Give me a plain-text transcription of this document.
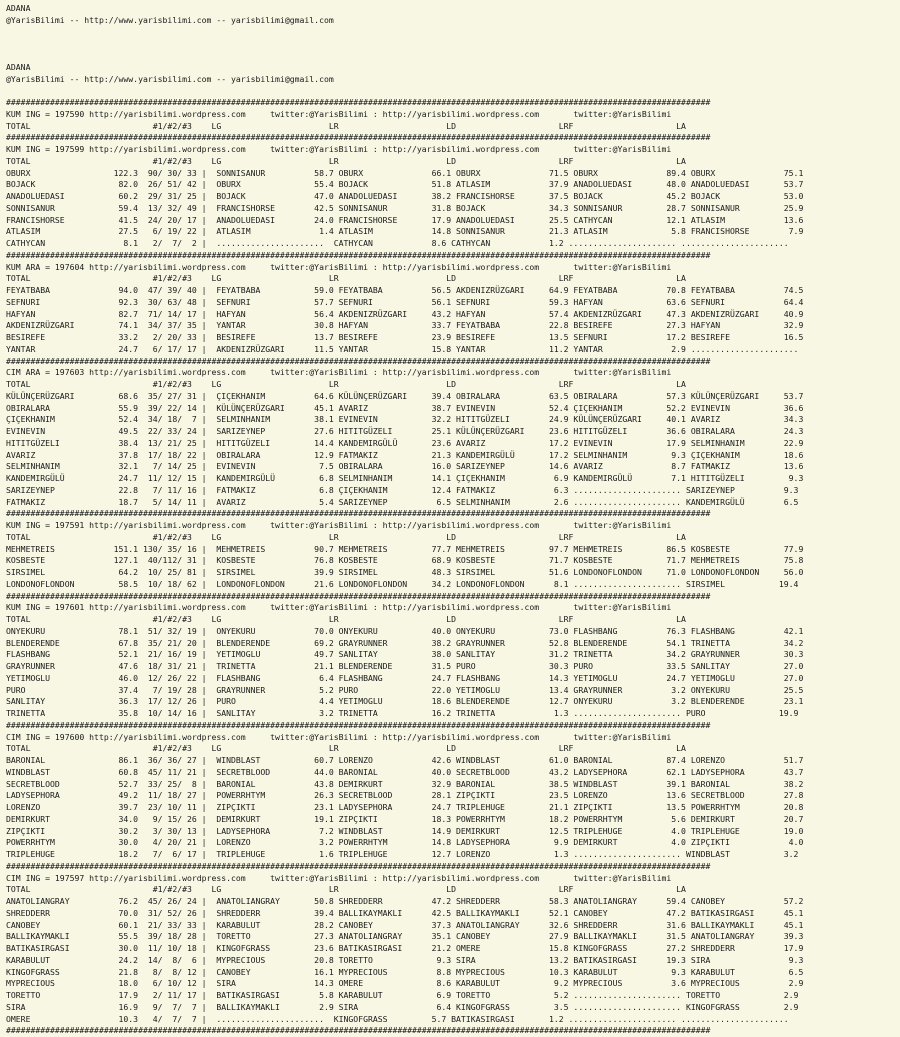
ADANA
@YarisBilimi -- http://www.yarisbilimi.com -- yarisbilimi@gmail.com
ADANA
@YarisBilimi -- http://www.yarisbilimi.com -- yarisbilimi@gmail.com
################################################################################################################################################
KUM ING = 197590 http://yarisbilimi.wordpress.com     twitter:@YarisBilimi : http://yarisbilimi.wordpress.com       twitter:@YarisBilimi
TOTAL                         #1/#2/#3    LG                      LR                      LD                     LRF                     LA
################################################################################################################################################
KUM ING = 197599 http://yarisbilimi.wordpress.com     twitter:@YarisBilimi : http://yarisbilimi.wordpress.com       twitter:@YarisBilimi
TOTAL                         #1/#2/#3    LG                      LR                      LD                     LRF                     LA
OBURX                 122.3  90/ 30/ 33 |  SONNISANUR          58.7 OBURX              66.1 OBURX              71.5 OBURX              89.4 OBURX              75.1
BOJACK                 82.0  26/ 51/ 42 |  OBURX               55.4 BOJACK             51.8 ATLASIM            37.9 ANADOLUEDASI       48.0 ANADOLUEDASI       53.7
ANADOLUEDASI           60.2  29/ 31/ 25 |  BOJACK              47.0 ANADOLUEDASI       38.2 FRANCISHORSE       37.5 BOJACK             45.2 BOJACK             53.0
SONNISANUR             59.4  13/ 32/ 49 |  FRANCISHORSE        42.5 SONNISANUR         31.8 BOJACK             34.3 SONNISANUR         28.7 SONNISANUR         25.9
FRANCISHORSE           41.5  24/ 20/ 17 |  ANADOLUEDASI        24.0 FRANCISHORSE       17.9 ANADOLUEDASI       25.5 CATHYCAN           12.1 ATLASIM            13.6
ATLASIM                27.5   6/ 19/ 22 |  ATLASIM              1.4 ATLASIM            14.8 SONNISANUR         21.3 ATLASIM             5.8 FRANCISHORSE        7.9
CATHYCAN                8.1   2/  7/  2 |  ......................  CATHYCAN            8.6 CATHYCAN            1.2 ...................... ......................
################################################################################################################################################
KUM ARA = 197604 http://yarisbilimi.wordpress.com     twitter:@YarisBilimi : http://yarisbilimi.wordpress.com       twitter:@YarisBilimi
TOTAL                         #1/#2/#3    LG                      LR                      LD                     LRF                     LA
FEYATBABA              94.0  47/ 39/ 40 |  FEYATBABA           59.0 FEYATBABA          56.5 AKDENIZRÜZGARI     64.9 FEYATBABA          70.8 FEYATBABA          74.5
SEFNURI                92.3  30/ 63/ 48 |  SEFNURI             57.7 SEFNURI            56.1 SEFNURI            59.3 HAFYAN             63.6 SEFNURI            64.4
HAFYAN                 82.7  71/ 14/ 17 |  HAFYAN              56.4 AKDENIZRÜZGARI     43.2 HAFYAN             57.4 AKDENIZRÜZGARI     47.3 AKDENIZRÜZGARI     40.9
AKDENIZRÜZGARI         74.1  34/ 37/ 35 |  YANTAR              30.8 HAFYAN             33.7 FEYATBABA          22.8 BESIREFE           27.3 HAFYAN             32.9
BESIREFE               33.2   2/ 20/ 33 |  BESIREFE            13.7 BESIREFE           23.9 BESIREFE           13.5 SEFNURI            17.2 BESIREFE           16.5
YANTAR                 24.7   6/ 17/ 17 |  AKDENIZRÜZGARI      11.5 YANTAR             15.8 YANTAR             11.2 YANTAR              2.9 ......................
################################################################################################################################################
CIM ARA = 197603 http://yarisbilimi.wordpress.com     twitter:@YarisBilimi : http://yarisbilimi.wordpress.com       twitter:@YarisBilimi
TOTAL                         #1/#2/#3    LG                      LR                      LD                     LRF                     LA
KÜLÜNÇERÜZGARI         68.6  35/ 27/ 31 |  ÇIÇEKHANIM          64.6 KÜLÜNÇERÜZGARI     39.4 OBIRALARA          63.5 OBIRALARA          57.3 KÜLÜNÇERÜZGARI     53.7
OBIRALARA              55.9  39/ 22/ 14 |  KÜLÜNÇERÜZGARI      45.1 AVARIZ             38.7 EVINEVIN           52.4 ÇIÇEKHANIM         52.2 EVINEVIN           36.6
ÇIÇEKHANIM             52.4  34/ 18/  7 |  SELMINHANIM         38.1 EVINEVIN           32.2 HITITGÜZELI        24.9 KÜLÜNÇERÜZGARI     40.1 AVARIZ             34.3
EVINEVIN               49.5  22/ 33/ 24 |  SARIZEYNEP          27.6 HITITGÜZELI        25.1 KÜLÜNÇERÜZGARI     23.6 HITITGÜZELI        36.6 OBIRALARA          24.3
HITITGÜZELI            38.4  13/ 21/ 25 |  HITITGÜZELI         14.4 KANDEMIRGÜLÜ       23.6 AVARIZ             17.2 EVINEVIN           17.9 SELMINHANIM        22.9
AVARIZ                 37.8  17/ 18/ 22 |  OBIRALARA           12.9 FATMAKIZ           21.3 KANDEMIRGÜLÜ       17.2 SELMINHANIM         9.3 ÇIÇEKHANIM         18.6
SELMINHANIM            32.1   7/ 14/ 25 |  EVINEVIN             7.5 OBIRALARA          16.0 SARIZEYNEP         14.6 AVARIZ              8.7 FATMAKIZ           13.6
KANDEMIRGÜLÜ           24.7  11/ 12/ 15 |  KANDEMIRGÜLÜ         6.8 SELMINHANIM        14.1 ÇIÇEKHANIM          6.9 KANDEMIRGÜLÜ        7.1 HITITGÜZELI         9.3
SARIZEYNEP             22.8   7/ 11/ 16 |  FATMAKIZ             6.8 ÇIÇEKHANIM         12.4 FATMAKIZ            6.3 ...................... SARIZEYNEP          9.3
FATMAKIZ               18.7   5/ 14/ 11 |  AVARIZ               5.4 SARIZEYNEP          6.5 SELMINHANIM         2.6 ...................... KANDEMIRGÜLÜ        6.5
################################################################################################################################################
KUM ING = 197591 http://yarisbilimi.wordpress.com     twitter:@YarisBilimi : http://yarisbilimi.wordpress.com       twitter:@YarisBilimi
TOTAL                         #1/#2/#3    LG                      LR                      LD                     LRF                     LA
MEHMETREIS            151.1 130/ 35/ 16 |  MEHMETREIS          90.7 MEHMETREIS         77.7 MEHMETREIS         97.7 MEHMETREIS         86.5 KOSBESTE           77.9
KOSBESTE              127.1  40/112/ 31 |  KOSBESTE            76.8 KOSBESTE           68.9 KOSBESTE           71.7 KOSBESTE           71.7 MEHMETREIS         75.8
SIRSIMEL               64.2  10/ 25/ 81 |  SIRSIMEL            39.9 SIRSIMEL           48.3 SIRSIMEL           51.6 LONDONOFLONDON     71.0 LONDONOFLONDON     56.0
LONDONOFLONDON         58.5  10/ 18/ 62 |  LONDONOFLONDON      21.6 LONDONOFLONDON     34.2 LONDONOFLONDON      8.1 ...................... SIRSIMEL           19.4
################################################################################################################################################
KUM ING = 197601 http://yarisbilimi.wordpress.com     twitter:@YarisBilimi : http://yarisbilimi.wordpress.com       twitter:@YarisBilimi
TOTAL                         #1/#2/#3    LG                      LR                      LD                     LRF                     LA
ONYEKURU               78.1  51/ 32/ 19 |  ONYEKURU            70.0 ONYEKURU           40.0 ONYEKURU           73.0 FLASHBANG          76.3 FLASHBANG          42.1
BLENDERENDE            67.8  35/ 21/ 20 |  BLENDERENDE         69.2 GRAYRUNNER         38.2 GRAYRUNNER         52.8 BLENDERENDE        54.1 TRINETTA           34.2
FLASHBANG              52.1  21/ 16/ 19 |  YETIMOGLU           49.7 SANLITAY           38.0 SANLITAY           31.2 TRINETTA           34.2 GRAYRUNNER         30.3
GRAYRUNNER             47.6  18/ 31/ 21 |  TRINETTA            21.1 BLENDERENDE        31.5 PURO               30.3 PURO               33.5 SANLITAY           27.0
YETIMOGLU              46.0  12/ 26/ 22 |  FLASHBANG            6.4 FLASHBANG          24.7 FLASHBANG          14.3 YETIMOGLU          24.7 YETIMOGLU          27.0
PURO                   37.4   7/ 19/ 28 |  GRAYRUNNER           5.2 PURO               22.0 YETIMOGLU          13.4 GRAYRUNNER          3.2 ONYEKURU           25.5
SANLITAY               36.3  17/ 12/ 26 |  PURO                 4.4 YETIMOGLU          18.6 BLENDERENDE        12.7 ONYEKURU            3.2 BLENDERENDE        23.1
TRINETTA               35.8  10/ 14/ 16 |  SANLITAY             3.2 TRINETTA           16.2 TRINETTA            1.3 ...................... PURO               19.9
################################################################################################################################################
CIM ING = 197600 http://yarisbilimi.wordpress.com     twitter:@YarisBilimi : http://yarisbilimi.wordpress.com       twitter:@YarisBilimi
TOTAL                         #1/#2/#3    LG                      LR                      LD                     LRF                     LA
BARONIAL               86.1  36/ 36/ 27 |  WINDBLAST           60.7 LORENZO            42.6 WINDBLAST          61.0 BARONIAL           87.4 LORENZO            51.7
WINDBLAST              60.8  45/ 11/ 21 |  SECRETBLOOD         44.0 BARONIAL           40.0 SECRETBLOOD        43.2 LADYSEPHORA        62.1 LADYSEPHORA        43.7
SECRETBLOOD            52.7  33/ 25/  8 |  BARONIAL            43.8 DEMIRKURT          32.9 BARONIAL           38.5 WINDBLAST          39.1 BARONIAL           38.2
LADYSEPHORA            49.2  11/ 18/ 27 |  POWERRHTYM          26.3 SECRETBLOOD        28.1 ZIPÇIKTI           23.5 LORENZO            13.6 SECRETBLOOD        27.8
LORENZO                39.7  23/ 10/ 11 |  ZIPÇIKTI            23.1 LADYSEPHORA        24.7 TRIPLEHUGE         21.1 ZIPÇIKTI           13.5 POWERRHTYM         20.8
DEMIRKURT              34.0   9/ 15/ 26 |  DEMIRKURT           19.1 ZIPÇIKTI           18.3 POWERRHTYM         18.2 POWERRHTYM          5.6 DEMIRKURT          20.7
ZIPÇIKTI               30.2   3/ 30/ 13 |  LADYSEPHORA          7.2 WINDBLAST          14.9 DEMIRKURT          12.5 TRIPLEHUGE          4.0 TRIPLEHUGE         19.0
POWERRHTYM             30.0   4/ 20/ 21 |  LORENZO              3.2 POWERRHTYM         14.8 LADYSEPHORA         9.9 DEMIRKURT           4.0 ZIPÇIKTI            4.0
TRIPLEHUGE             18.2   7/  6/ 17 |  TRIPLEHUGE           1.6 TRIPLEHUGE         12.7 LORENZO             1.3 ...................... WINDBLAST           3.2
################################################################################################################################################
CIM ING = 197597 http://yarisbilimi.wordpress.com     twitter:@YarisBilimi : http://yarisbilimi.wordpress.com       twitter:@YarisBilimi
TOTAL                         #1/#2/#3    LG                      LR                      LD                     LRF                     LA
ANATOLIANGRAY          76.2  45/ 26/ 24 |  ANATOLIANGRAY       50.8 SHREDDERR          47.2 SHREDDERR          58.3 ANATOLIANGRAY      59.4 CANOBEY            57.2
SHREDDERR              70.0  31/ 52/ 26 |  SHREDDERR           39.4 BALLIKAYMAKLI      42.5 BALLIKAYMAKLI      52.1 CANOBEY            47.2 BATIKASIRGASI      45.1
CANOBEY                60.1  21/ 33/ 33 |  KARABULUT           28.2 CANOBEY            37.3 ANATOLIANGRAY      32.6 SHREDDERR          31.6 BALLIKAYMAKLI      45.1
BALLIKAYMAKLI          55.5  39/ 18/ 28 |  TORETTO             27.3 ANATOLIANGRAY      35.1 CANOBEY            27.9 BALLIKAYMAKLI      31.5 ANATOLIANGRAY      39.3
BATIKASIRGASI          30.0  11/ 10/ 18 |  KINGOFGRASS         23.6 BATIKASIRGASI      21.2 OMERE              15.8 KINGOFGRASS        27.2 SHREDDERR          17.9
KARABULUT              24.2  14/  8/  6 |  MYPRECIOUS          20.8 TORETTO             9.3 SIRA               13.2 BATIKASIRGASI      19.3 SIRA                9.3
KINGOFGRASS            21.8   8/  8/ 12 |  CANOBEY             16.1 MYPRECIOUS          8.8 MYPRECIOUS         10.3 KARABULUT           9.3 KARABULUT           6.5
MYPRECIOUS             18.0   6/ 10/ 12 |  SIRA                14.3 OMERE               8.6 KARABULUT           9.2 MYPRECIOUS          3.6 MYPRECIOUS          2.9
TORETTO                17.9   2/ 11/ 17 |  BATIKASIRGASI        5.8 KARABULUT           6.9 TORETTO             5.2 ...................... TORETTO             2.9
SIRA                   16.9   9/  7/  7 |  BALLIKAYMAKLI        2.9 SIRA                6.4 KINGOFGRASS         3.5 ...................... KINGOFGRASS         2.9
OMERE                  10.3   4/  7/  7 |  ......................  KINGOFGRASS         5.7 BATIKASIRGASI       1.2 ...................... ......................
################################################################################################################################################
